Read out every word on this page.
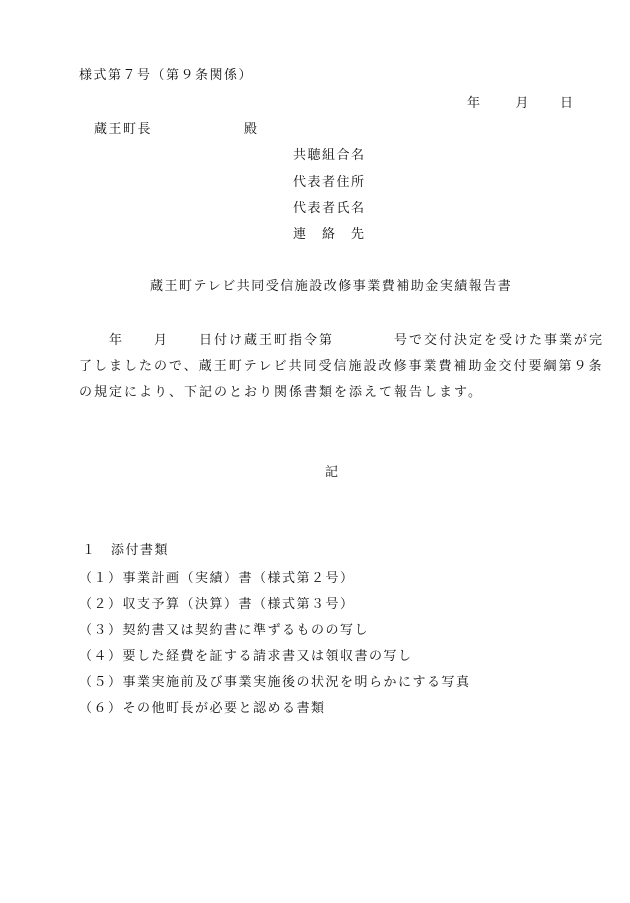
様式第７号（第９条関係）
年	月 日
蔵王町長	殿
共聴組合名
代表者住所
代表者氏名
連　絡　先
蔵王町テレビ共同受信施設改修事業費補助金実績報告書
　　年　　月　　日付け蔵王町指令第　　　　号で交付決定を受けた事業が完
了しましたので、蔵王町テレビ共同受信施設改修事業費補助金交付要綱第９条
の規定により、下記のとおり関係書類を添えて報告します。
記
１　添付書類
（１）事業計画（実績）書（様式第２号）
（２）収支予算（決算）書（様式第３号）
（３）契約書又は契約書に準ずるものの写し
（４）要した経費を証する請求書又は領収書の写し
（５）事業実施前及び事業実施後の状況を明らかにする写真
（６）その他町長が必要と認める書類
